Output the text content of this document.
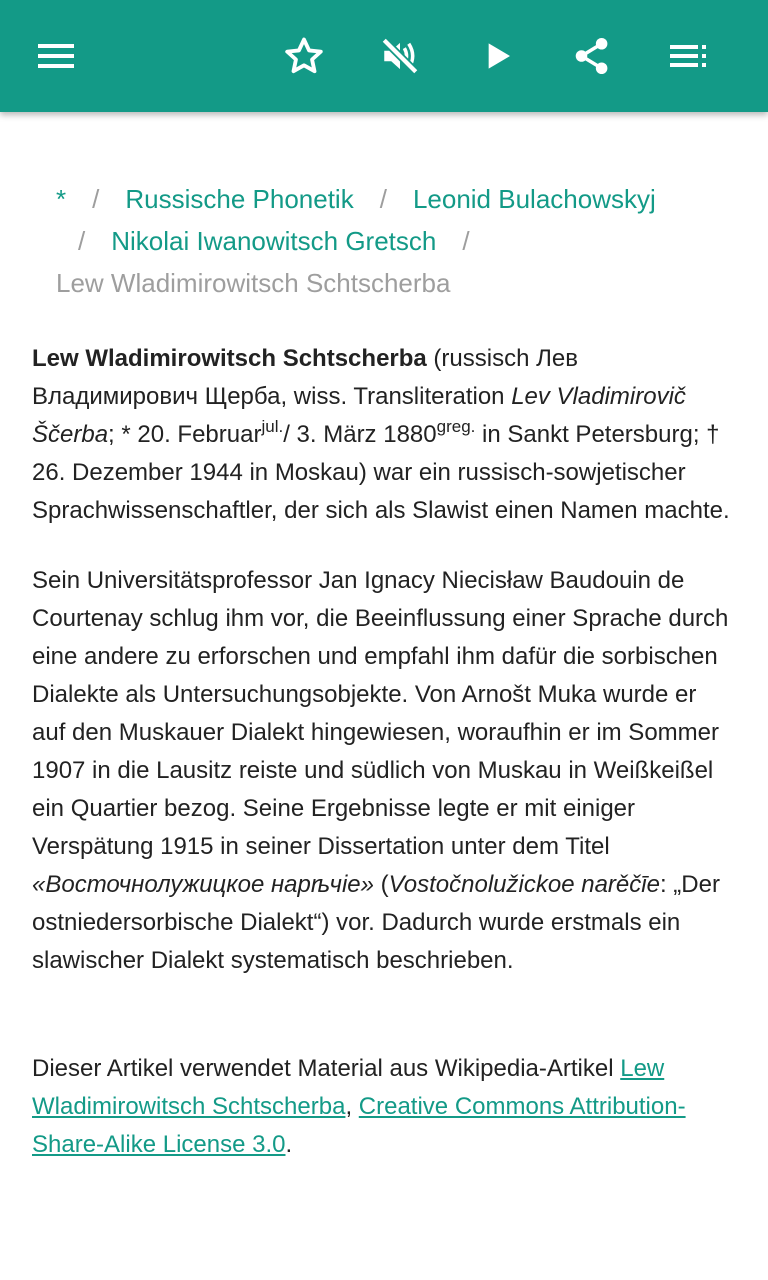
* / Russische Phonetik / Leonid Bulachowskyj
/ Nikolai Iwanowitsch Gretsch /
Lew Wladimirowitsch Schtscherba

Lew Wladimirowitsch Schtscherba (russisch Лев Владимирович Щерба, wiss. Transliteration Lev Vladimirovič Ščerba; * 20. Februar$^{jul.}$/ 3. März $1880^{greg.}$ in Sankt Petersburg; † 26. Dezember 1944 in Moskau) war ein russisch-sowjetischer Sprachwissenschaftler, der sich als Slawist einen Namen machte.

Sein Universitätsprofessor Jan Ignacy Niecisław Baudouin de Courtenay schlug ihm vor, die Beeinflussung einer Sprache durch eine andere zu erforschen und empfahl ihm dafür die sorbischen Dialekte als Untersuchungsobjekte. Von Arnošt Muka wurde er auf den Muskauer Dialekt hingewiesen, woraufhin er im Sommer 1907 in die Lausitz reiste und südlich von Muskau in Weißkeißel ein Quartier bezog. Seine Ergebnisse legte er mit einiger Verspätung 1915 in seiner Dissertation unter dem Titel «Восточнолужицкое нарѣчіе» (Vostočnolužickoe narěčīe: „Der ostniedersorbische Dialekt“) vor. Dadurch wurde erstmals ein slawischer Dialekt systematisch beschrieben.

Dieser Artikel verwendet Material aus Wikipedia-Artikel Lew Wladimirowitsch Schtscherba, Creative Commons Attribution-Share-Alike License 3.0.
